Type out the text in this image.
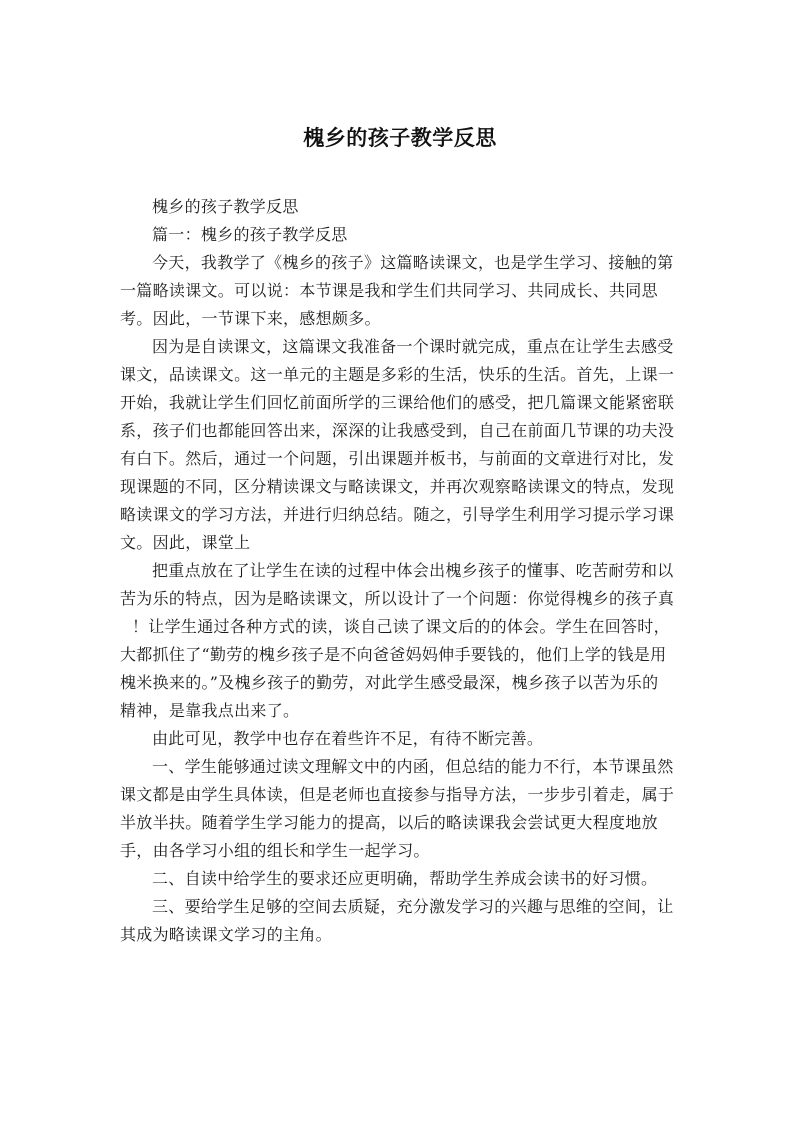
槐乡的孩子教学反思

槐乡的孩子教学反思

篇一：槐乡的孩子教学反思

今天，我教学了《槐乡的孩子》这篇略读课文，也是学生学习、接触的第
一篇略读课文。可以说：本节课是我和学生们共同学习、共同成长、共同思
考。因此，一节课下来，感想颇多。

因为是自读课文，这篇课文我准备一个课时就完成，重点在让学生去感受
课文，品读课文。这一单元的主题是多彩的生活，快乐的生活。首先，上课一
开始，我就让学生们回忆前面所学的三课给他们的感受，把几篇课文能紧密联
系，孩子们也都能回答出来，深深的让我感受到，自己在前面几节课的功夫没
有白下。然后，通过一个问题，引出课题并板书，与前面的文章进行对比，发
现课题的不同，区分精读课文与略读课文，并再次观察略读课文的特点，发现
略读课文的学习方法，并进行归纳总结。随之，引导学生利用学习提示学习课
文。因此，课堂上

把重点放在了让学生在读的过程中体会出槐乡孩子的懂事、吃苦耐劳和以
苦为乐的特点，因为是略读课文，所以设计了一个问题：你觉得槐乡的孩子真
！让学生通过各种方式的读，谈自己读了课文后的的体会。学生在回答时，
大都抓住了“勤劳的槐乡孩子是不向爸爸妈妈伸手要钱的，他们上学的钱是用
槐米换来的。”及槐乡孩子的勤劳，对此学生感受最深，槐乡孩子以苦为乐的
精神，是靠我点出来了。

由此可见，教学中也存在着些许不足，有待不断完善。

一、学生能够通过读文理解文中的内函，但总结的能力不行，本节课虽然
课文都是由学生具体读，但是老师也直接参与指导方法，一步步引着走，属于
半放半扶。随着学生学习能力的提高，以后的略读课我会尝试更大程度地放
手，由各学习小组的组长和学生一起学习。

二、自读中给学生的要求还应更明确，帮助学生养成会读书的好习惯。

三、要给学生足够的空间去质疑，充分激发学习的兴趣与思维的空间，让
其成为略读课文学习的主角。
